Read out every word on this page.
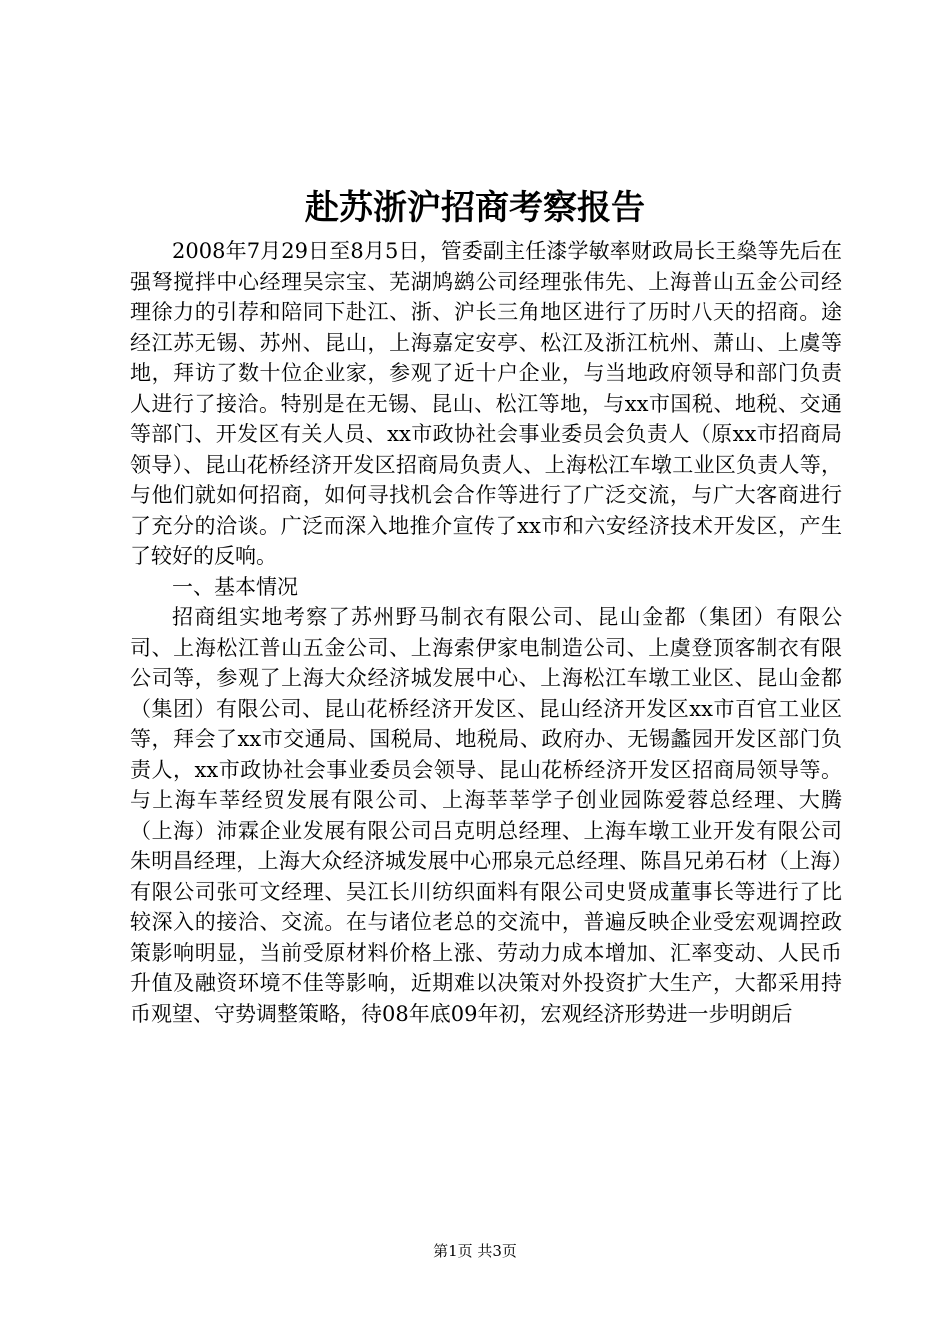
赴苏浙沪招商考察报告

2008年7月29日至8月5日，管委副主任漆学敏率财政局长王燊等先后在强弩搅拌中心经理吴宗宝、芜湖鸠鹚公司经理张伟先、上海普山五金公司经理徐力的引荐和陪同下赴江、浙、沪长三角地区进行了历时八天的招商。途经江苏无锡、苏州、昆山，上海嘉定安亭、松江及浙江杭州、萧山、上虞等地，拜访了数十位企业家，参观了近十户企业，与当地政府领导和部门负责人进行了接洽。特别是在无锡、昆山、松江等地，与xx市国税、地税、交通等部门、开发区有关人员、xx市政协社会事业委员会负责人（原xx市招商局领导）、昆山花桥经济开发区招商局负责人、上海松江车墩工业区负责人等，与他们就如何招商，如何寻找机会合作等进行了广泛交流，与广大客商进行了充分的洽谈。广泛而深入地推介宣传了xx市和六安经济技术开发区，产生了较好的反响。

一、基本情况

招商组实地考察了苏州野马制衣有限公司、昆山金都（集团）有限公司、上海松江普山五金公司、上海索伊家电制造公司、上虞登顶客制衣有限公司等，参观了上海大众经济城发展中心、上海松江车墩工业区、昆山金都（集团）有限公司、昆山花桥经济开发区、昆山经济开发区xx市百官工业区等，拜会了xx市交通局、国税局、地税局、政府办、无锡蠡园开发区部门负责人，xx市政协社会事业委员会领导、昆山花桥经济开发区招商局领导等。与上海车莘经贸发展有限公司、上海莘莘学子创业园陈爱蓉总经理、大腾（上海）沛霖企业发展有限公司吕克明总经理、上海车墩工业开发有限公司朱明昌经理，上海大众经济城发展中心邢泉元总经理、陈昌兄弟石材（上海）有限公司张可文经理、吴江长川纺织面料有限公司史贤成董事长等进行了比较深入的接洽、交流。在与诸位老总的交流中，普遍反映企业受宏观调控政策影响明显，当前受原材料价格上涨、劳动力成本增加、汇率变动、人民币升值及融资环境不佳等影响，近期难以决策对外投资扩大生产，大都采用持币观望、守势调整策略，待08年底09年初，宏观经济形势进一步明朗后

第1页 共3页
